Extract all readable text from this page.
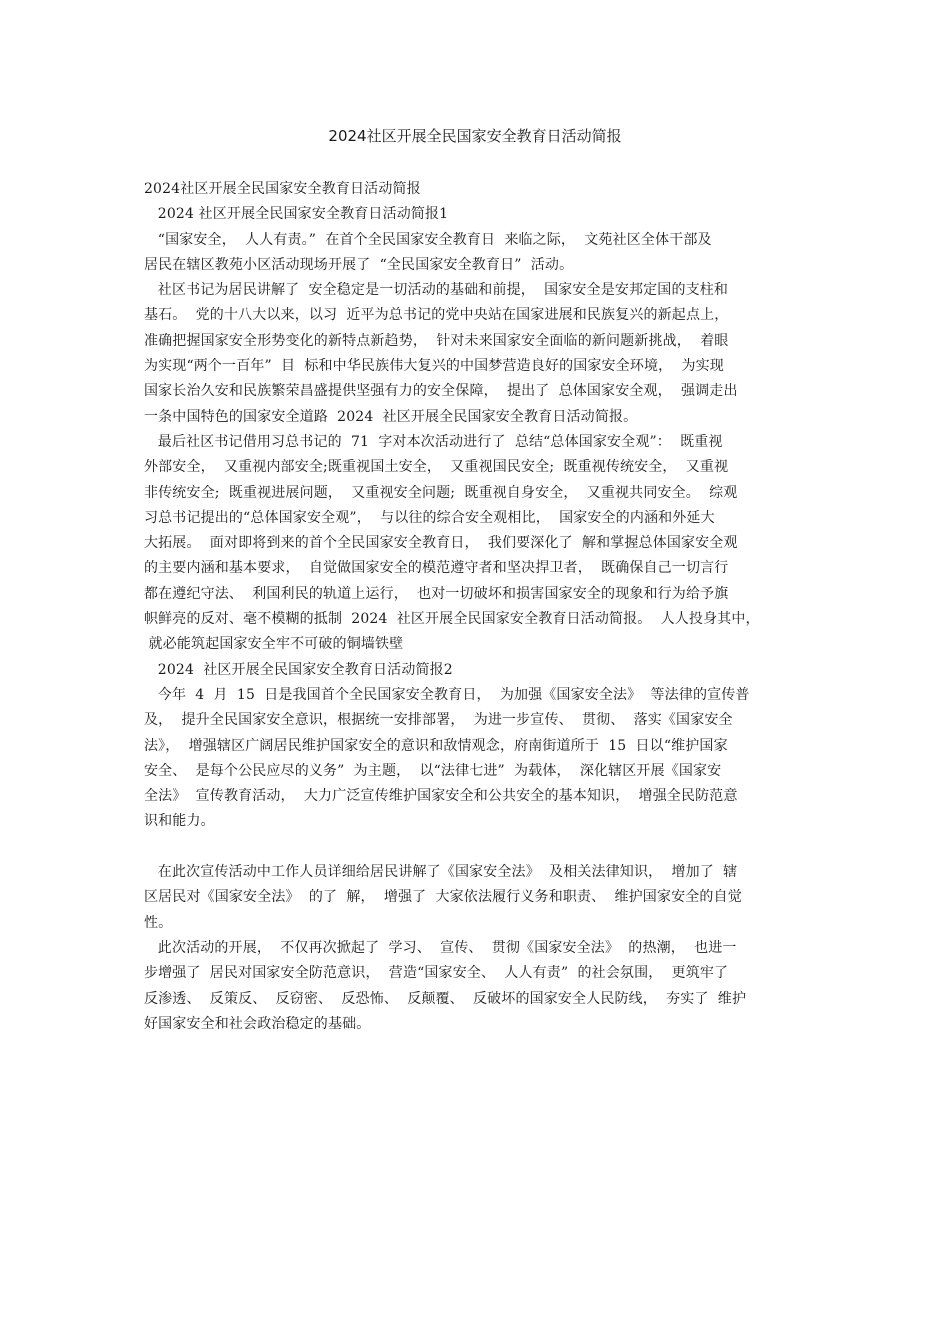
2024社区开展全民国家安全教育日活动简报
2024社区开展全民国家安全教育日活动简报
2024 社区开展全民国家安全教育日活动简报1
“国家安全，  人人有责。”  在首个全民国家安全教育日  来临之际，  文苑社区全体干部及
居民在辖区教苑小区活动现场开展了  “全民国家安全教育日”  活动。
社区书记为居民讲解了  安全稳定是一切活动的基础和前提，  国家安全是安邦定国的支柱和
基石。  党的十八大以来，以习  近平为总书记的党中央站在国家进展和民族复兴的新起点上，
准确把握国家安全形势变化的新特点新趋势，  针对未来国家安全面临的新问题新挑战，  着眼
为实现“两个一百年”  目  标和中华民族伟大复兴的中国梦营造良好的国家安全环境，  为实现
国家长治久安和民族繁荣昌盛提供坚强有力的安全保障，  提出了  总体国家安全观，  强调走出
一条中国特色的国家安全道路  2024  社区开展全民国家安全教育日活动简报。
最后社区书记借用习总书记的  71  字对本次活动进行了  总结“总体国家安全观”：  既重视
外部安全，  又重视内部安全;既重视国土安全，  又重视国民安全;  既重视传统安全，  又重视
非传统安全;  既重视进展问题，  又重视安全问题;  既重视自身安全，  又重视共同安全。  综观
习总书记提出的“总体国家安全观”，  与以往的综合安全观相比，  国家安全的内涵和外延大
大拓展。  面对即将到来的首个全民国家安全教育日，  我们要深化了  解和掌握总体国家安全观
的主要内涵和基本要求，  自觉做国家安全的模范遵守者和坚决捍卫者，  既确保自己一切言行
都在遵纪守法、  利国利民的轨道上运行，  也对一切破坏和损害国家安全的现象和行为给予旗
帜鲜亮的反对、毫不模糊的抵制  2024  社区开展全民国家安全教育日活动简报。  人人投身其中，
就必能筑起国家安全牢不可破的铜墙铁壁
2024  社区开展全民国家安全教育日活动简报2
今年  4  月  15  日是我国首个全民国家安全教育日，  为加强《国家安全法》  等法律的宣传普
及，  提升全民国家安全意识，根据统一安排部署，  为进一步宣传、  贯彻、  落实《国家安全
法》，  增强辖区广阔居民维护国家安全的意识和敌情观念，府南街道所于  15  日以“维护国家
安全、  是每个公民应尽的义务”  为主题，  以“法律七进”  为载体，  深化辖区开展《国家安
全法》  宣传教育活动，  大力广泛宣传维护国家安全和公共安全的基本知识，  增强全民防范意
识和能力。
在此次宣传活动中工作人员详细给居民讲解了《国家安全法》  及相关法律知识，  增加了  辖
区居民对《国家安全法》  的了  解，  增强了  大家依法履行义务和职责、  维护国家安全的自觉
性。
此次活动的开展，  不仅再次掀起了  学习、  宣传、  贯彻《国家安全法》  的热潮，  也进一
步增强了  居民对国家安全防范意识，  营造“国家安全、  人人有责”  的社会氛围，  更筑牢了
反渗透、  反策反、  反窃密、  反恐怖、  反颠覆、  反破坏的国家安全人民防线，  夯实了  维护
好国家安全和社会政治稳定的基础。
